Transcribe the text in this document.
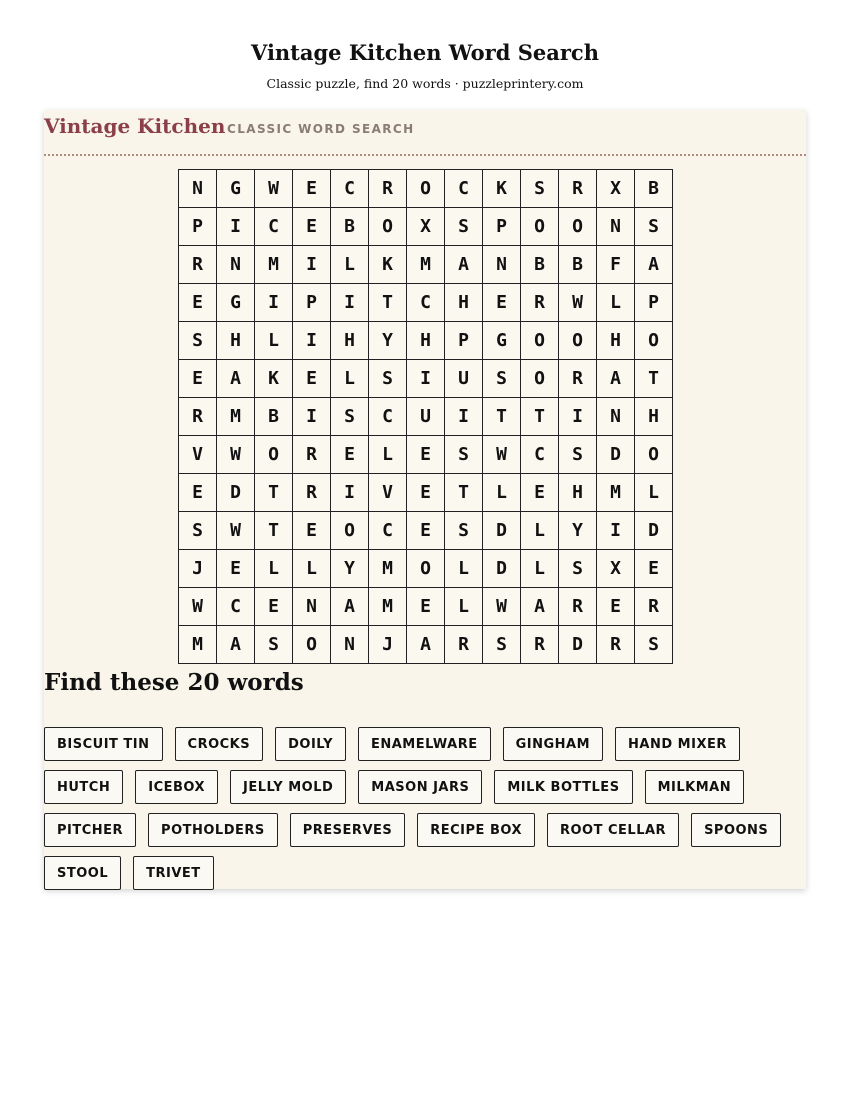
Vintage Kitchen Word Search
Classic puzzle, find 20 words · puzzleprintery.com
Vintage Kitchen CLASSIC WORD SEARCH
N	G	W	E	C	R	O	C	K	S	R	X	B
P	I	C	E	B	O	X	S	P	O	O	N	S
R	N	M	I	L	K	M	A	N	B	B	F	A
E	G	I	P	I	T	C	H	E	R	W	L	P
S	H	L	I	H	Y	H	P	G	O	O	H	O
E	A	K	E	L	S	I	U	S	O	R	A	T
R	M	B	I	S	C	U	I	T	T	I	N	H
V	W	O	R	E	L	E	S	W	C	S	D	O
E	D	T	R	I	V	E	T	L	E	H	M	L
S	W	T	E	O	C	E	S	D	L	Y	I	D
J	E	L	L	Y	M	O	L	D	L	S	X	E
W	C	E	N	A	M	E	L	W	A	R	E	R
M	A	S	O	N	J	A	R	S	R	D	R	S
Find these 20 words
BISCUIT TIN	CROCKS	DOILY	ENAMELWARE	GINGHAM	HAND MIXER
HUTCH	ICEBOX	JELLY MOLD	MASON JARS	MILK BOTTLES	MILKMAN
PITCHER	POTHOLDERS	PRESERVES	RECIPE BOX	ROOT CELLAR	SPOONS
STOOL	TRIVET
